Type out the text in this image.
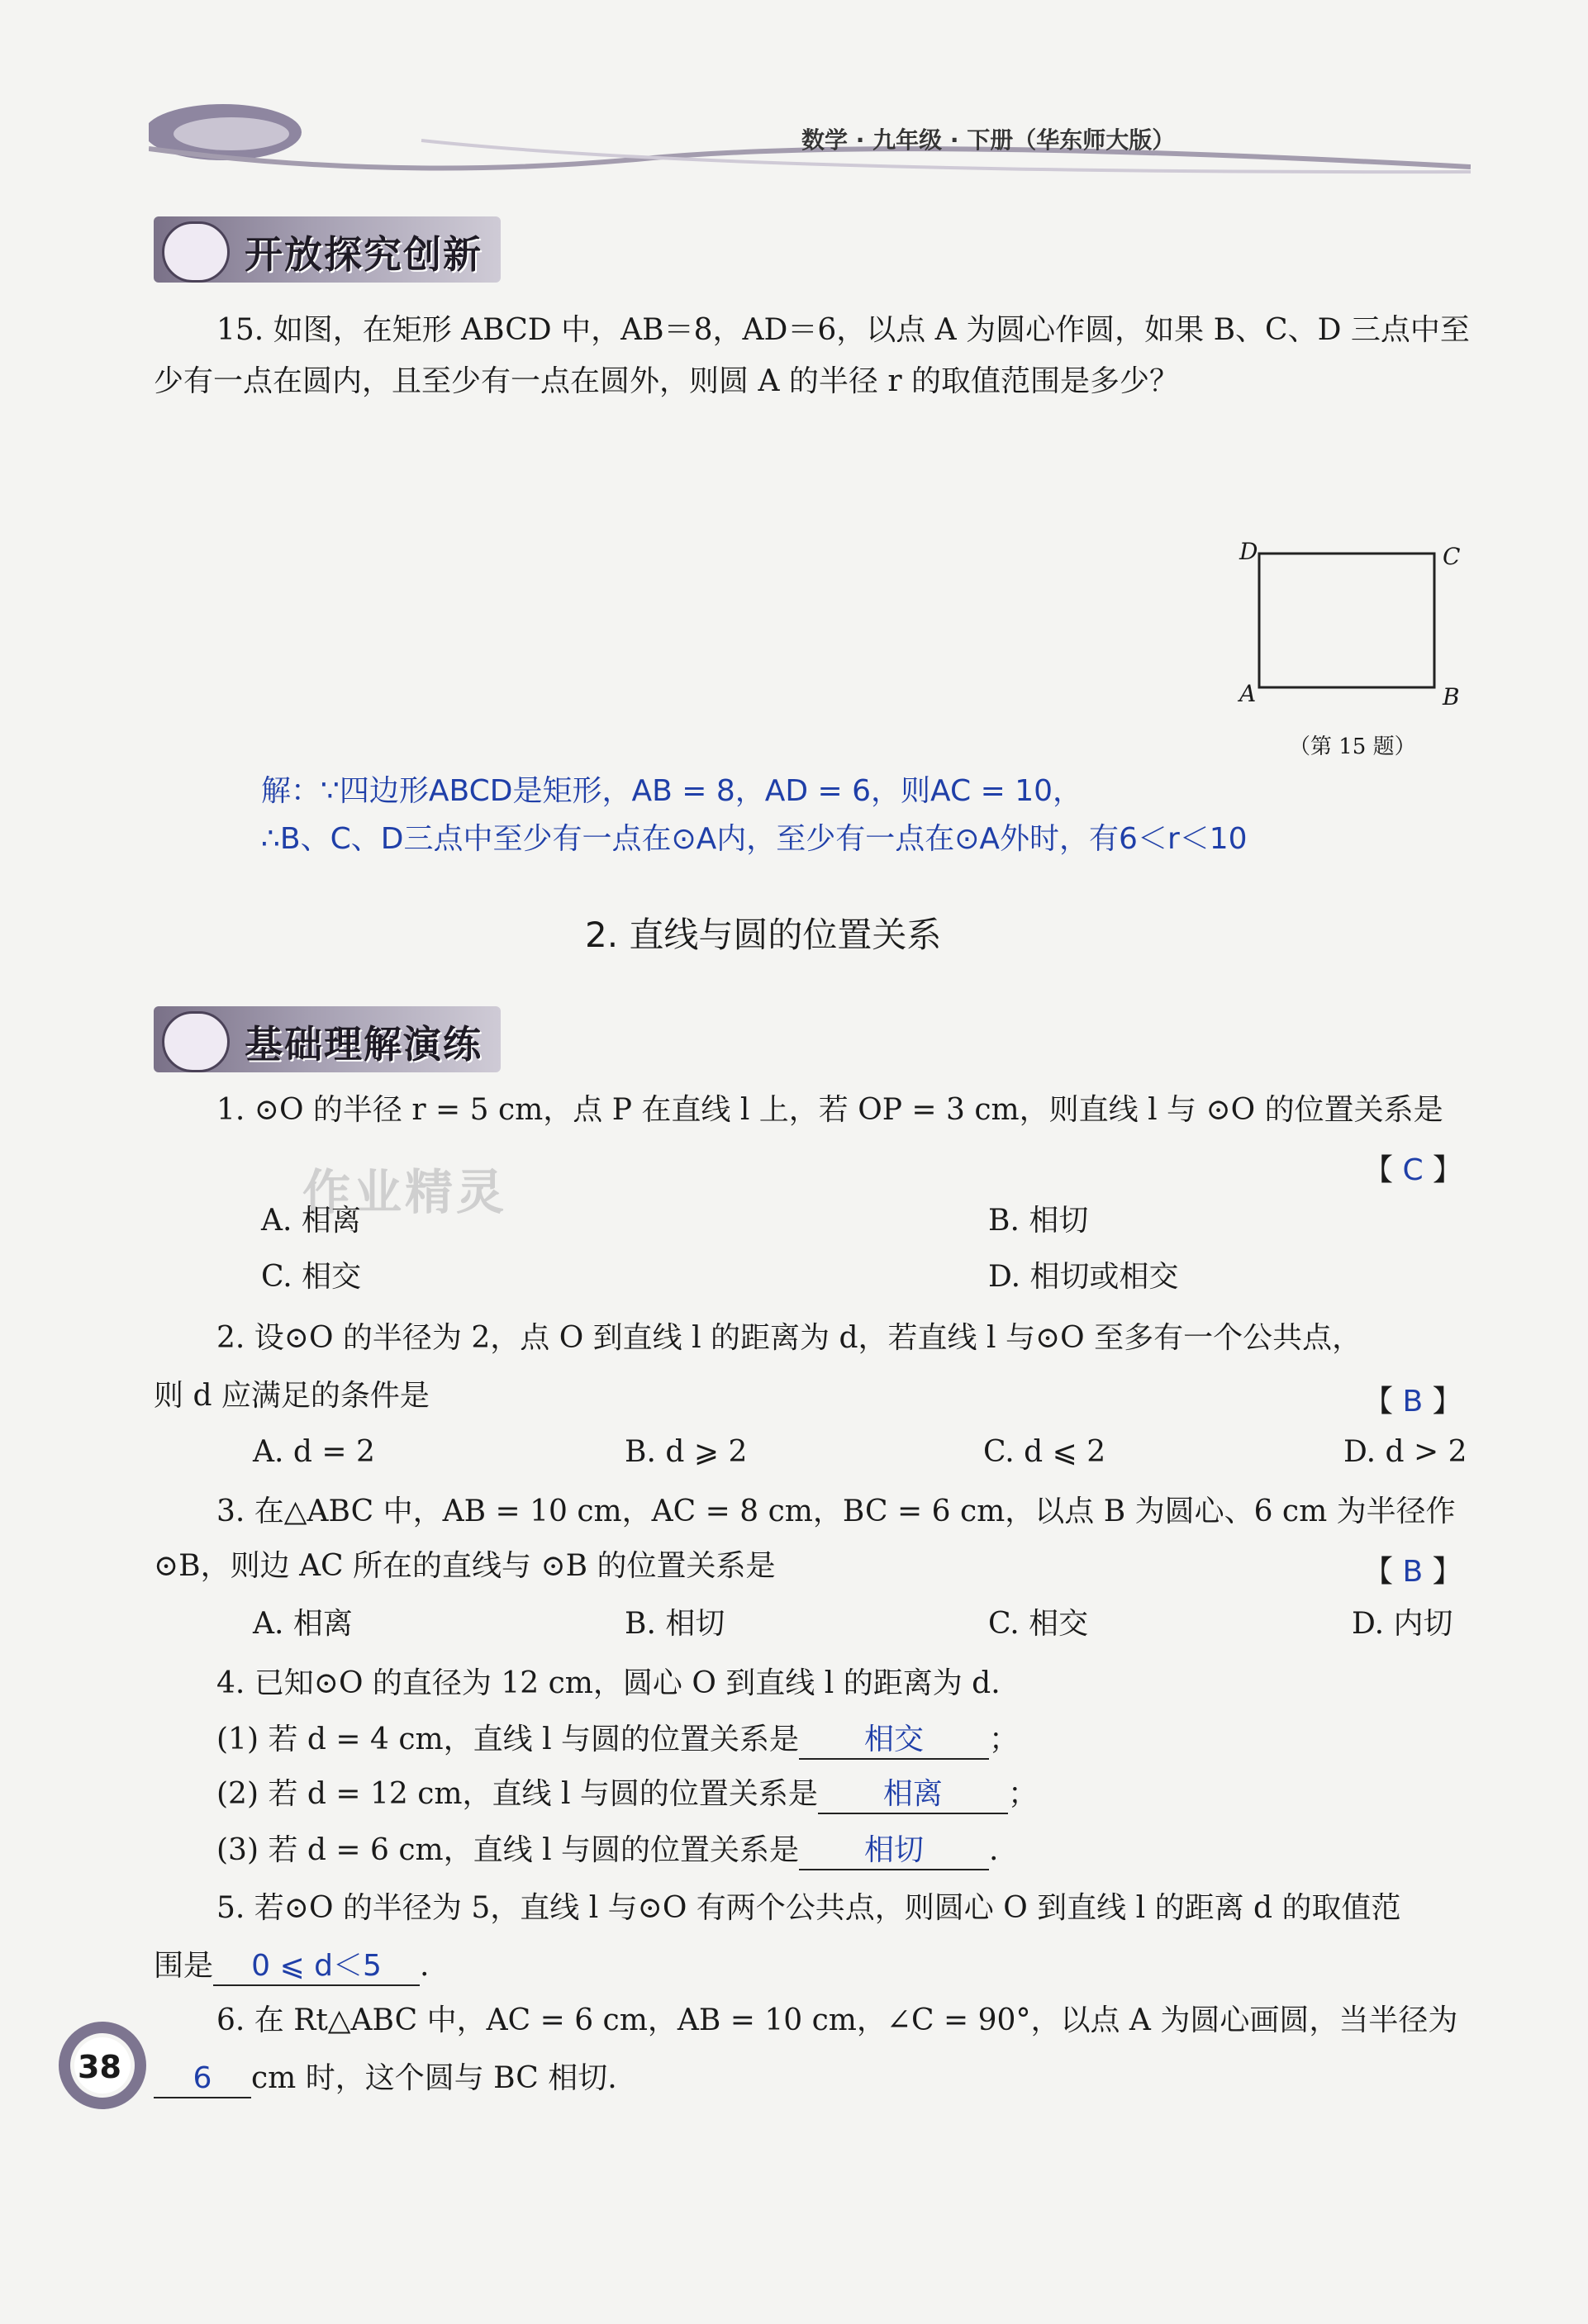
数学 · 九年级 · 下册（华东师大版）
开放探究创新
15. 如图，在矩形 ABCD 中，AB＝8，AD＝6，以点 A 为圆心作圆，如果 B、C、D 三点中至
少有一点在圆内，且至少有一点在圆外，则圆 A 的半径 r 的取值范围是多少？
D	C
A	B
（第 15 题）
解：∵四边形ABCD是矩形，AB = 8，AD = 6，则AC = 10，
∴B、C、D三点中至少有一点在⊙A内，至少有一点在⊙A外时，有6＜r＜10
2. 直线与圆的位置关系
基础理解演练
作业精灵
1. ⊙O 的半径 r = 5 cm，点 P 在直线 l 上，若 OP = 3 cm，则直线 l 与 ⊙O 的位置关系是
【 C 】
A. 相离	B. 相切
C. 相交	D. 相切或相交
2. 设⊙O 的半径为 2，点 O 到直线 l 的距离为 d，若直线 l 与⊙O 至多有一个公共点，
则 d 应满足的条件是	【 B 】
A. d = 2	B. d ⩾ 2	C. d ⩽ 2	D. d > 2
3. 在△ABC 中，AB = 10 cm，AC = 8 cm，BC = 6 cm，以点 B 为圆心、6 cm 为半径作
⊙B，则边 AC 所在的直线与 ⊙B 的位置关系是	【 B 】
A. 相离	B. 相切	C. 相交	D. 内切
4. 已知⊙O 的直径为 12 cm，圆心 O 到直线 l 的距离为 d.
(1) 若 d = 4 cm，直线 l 与圆的位置关系是 相交 ；
(2) 若 d = 12 cm，直线 l 与圆的位置关系是 相离 ；
(3) 若 d = 6 cm，直线 l 与圆的位置关系是 相切 .
5. 若⊙O 的半径为 5，直线 l 与⊙O 有两个公共点，则圆心 O 到直线 l 的距离 d 的取值范
围是 0 ⩽ d＜5 .
6. 在 Rt△ABC 中，AC = 6 cm，AB = 10 cm，∠C = 90°，以点 A 为圆心画圆，当半径为
6 cm 时，这个圆与 BC 相切.
38
